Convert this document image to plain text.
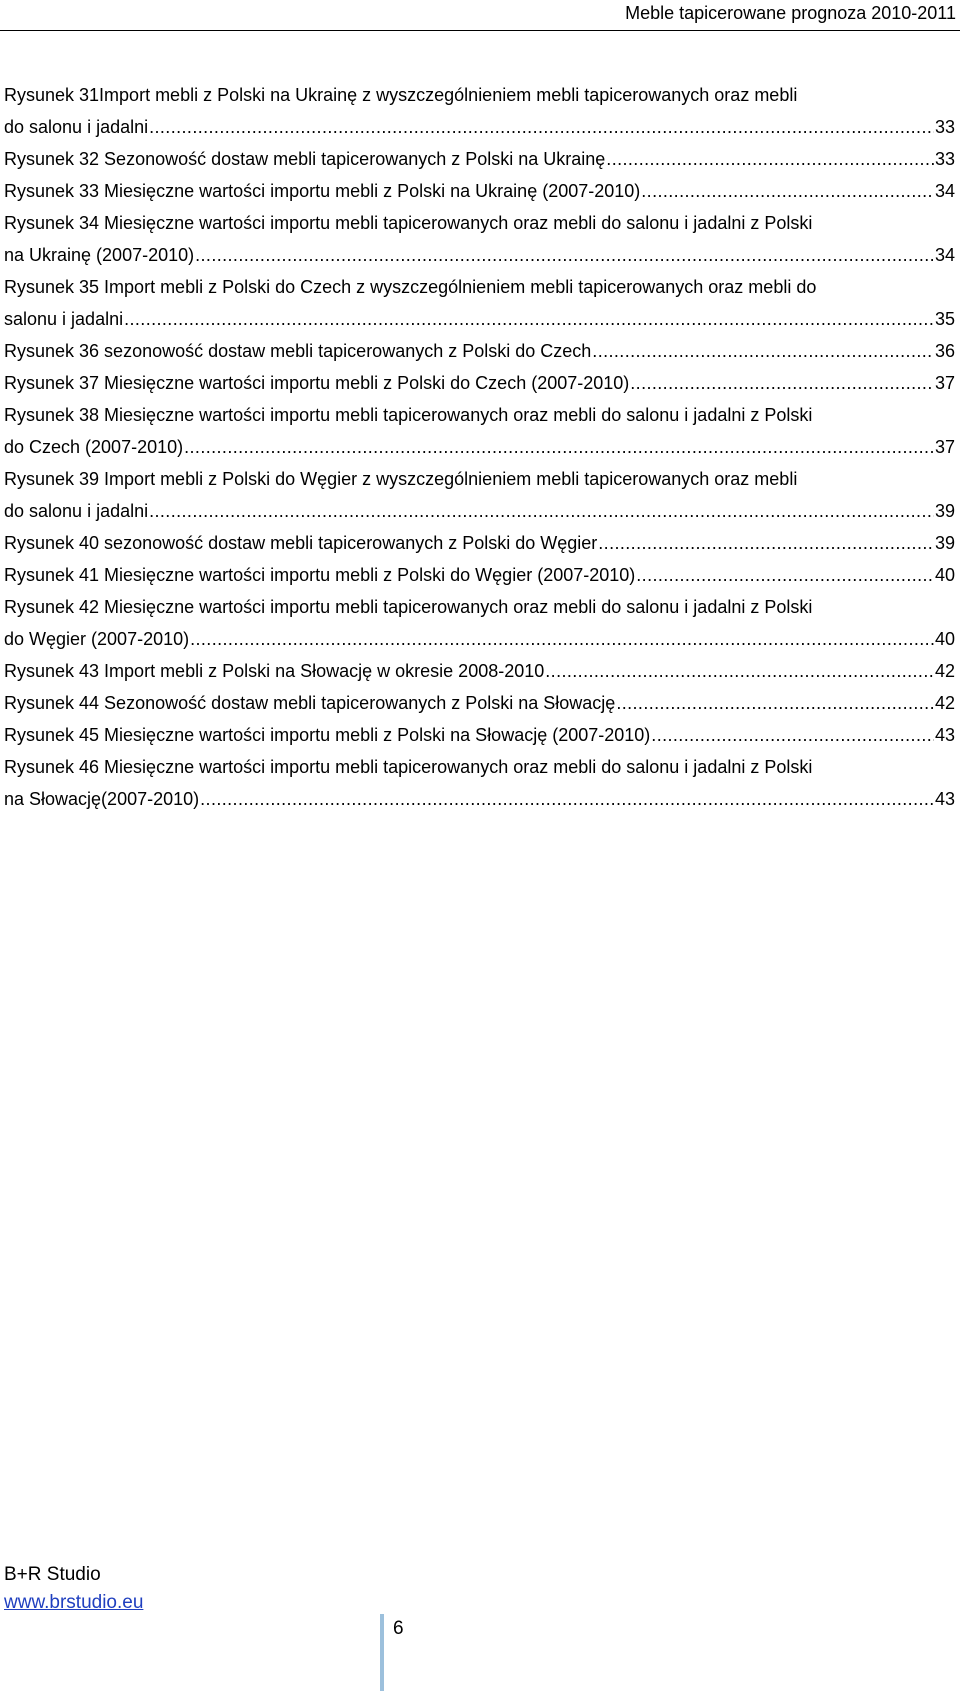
Meble tapicerowane prognoza 2010-2011
Rysunek 31Import mebli z Polski na Ukrainę z wyszczególnieniem mebli tapicerowanych oraz mebli
do salonu i jadalni .....	33
Rysunek 32 Sezonowość dostaw mebli tapicerowanych z Polski na Ukrainę .....	33
Rysunek 33 Miesięczne wartości importu mebli z Polski na Ukrainę (2007-2010) .....	34
Rysunek 34 Miesięczne wartości importu mebli tapicerowanych oraz mebli do salonu i jadalni z Polski
na Ukrainę (2007-2010) .....	34
Rysunek 35 Import mebli z Polski do Czech z wyszczególnieniem mebli tapicerowanych oraz mebli do
salonu i jadalni .....	35
Rysunek 36 sezonowość dostaw mebli tapicerowanych z Polski do Czech .....	36
Rysunek 37 Miesięczne wartości importu mebli z Polski do Czech (2007-2010) .....	37
Rysunek 38 Miesięczne wartości importu mebli tapicerowanych oraz mebli do salonu i jadalni z Polski
do Czech (2007-2010) .....	37
Rysunek 39 Import mebli z Polski do Węgier z wyszczególnieniem mebli tapicerowanych oraz mebli
do salonu i jadalni .....	39
Rysunek 40 sezonowość dostaw mebli tapicerowanych z Polski do Węgier .....	39
Rysunek 41 Miesięczne wartości importu mebli z Polski do Węgier (2007-2010) .....	40
Rysunek 42 Miesięczne wartości importu mebli tapicerowanych oraz mebli do salonu i jadalni z Polski
do Węgier (2007-2010) .....	40
Rysunek 43 Import mebli z Polski na Słowację w okresie 2008-2010 .....	42
Rysunek 44 Sezonowość dostaw mebli tapicerowanych z Polski na Słowację .....	42
Rysunek 45 Miesięczne wartości importu mebli z Polski na Słowację (2007-2010) .....	43
Rysunek 46 Miesięczne wartości importu mebli tapicerowanych oraz mebli do salonu i jadalni z Polski
na Słowację(2007-2010) .....	43
B+R Studio
www.brstudio.eu
6
